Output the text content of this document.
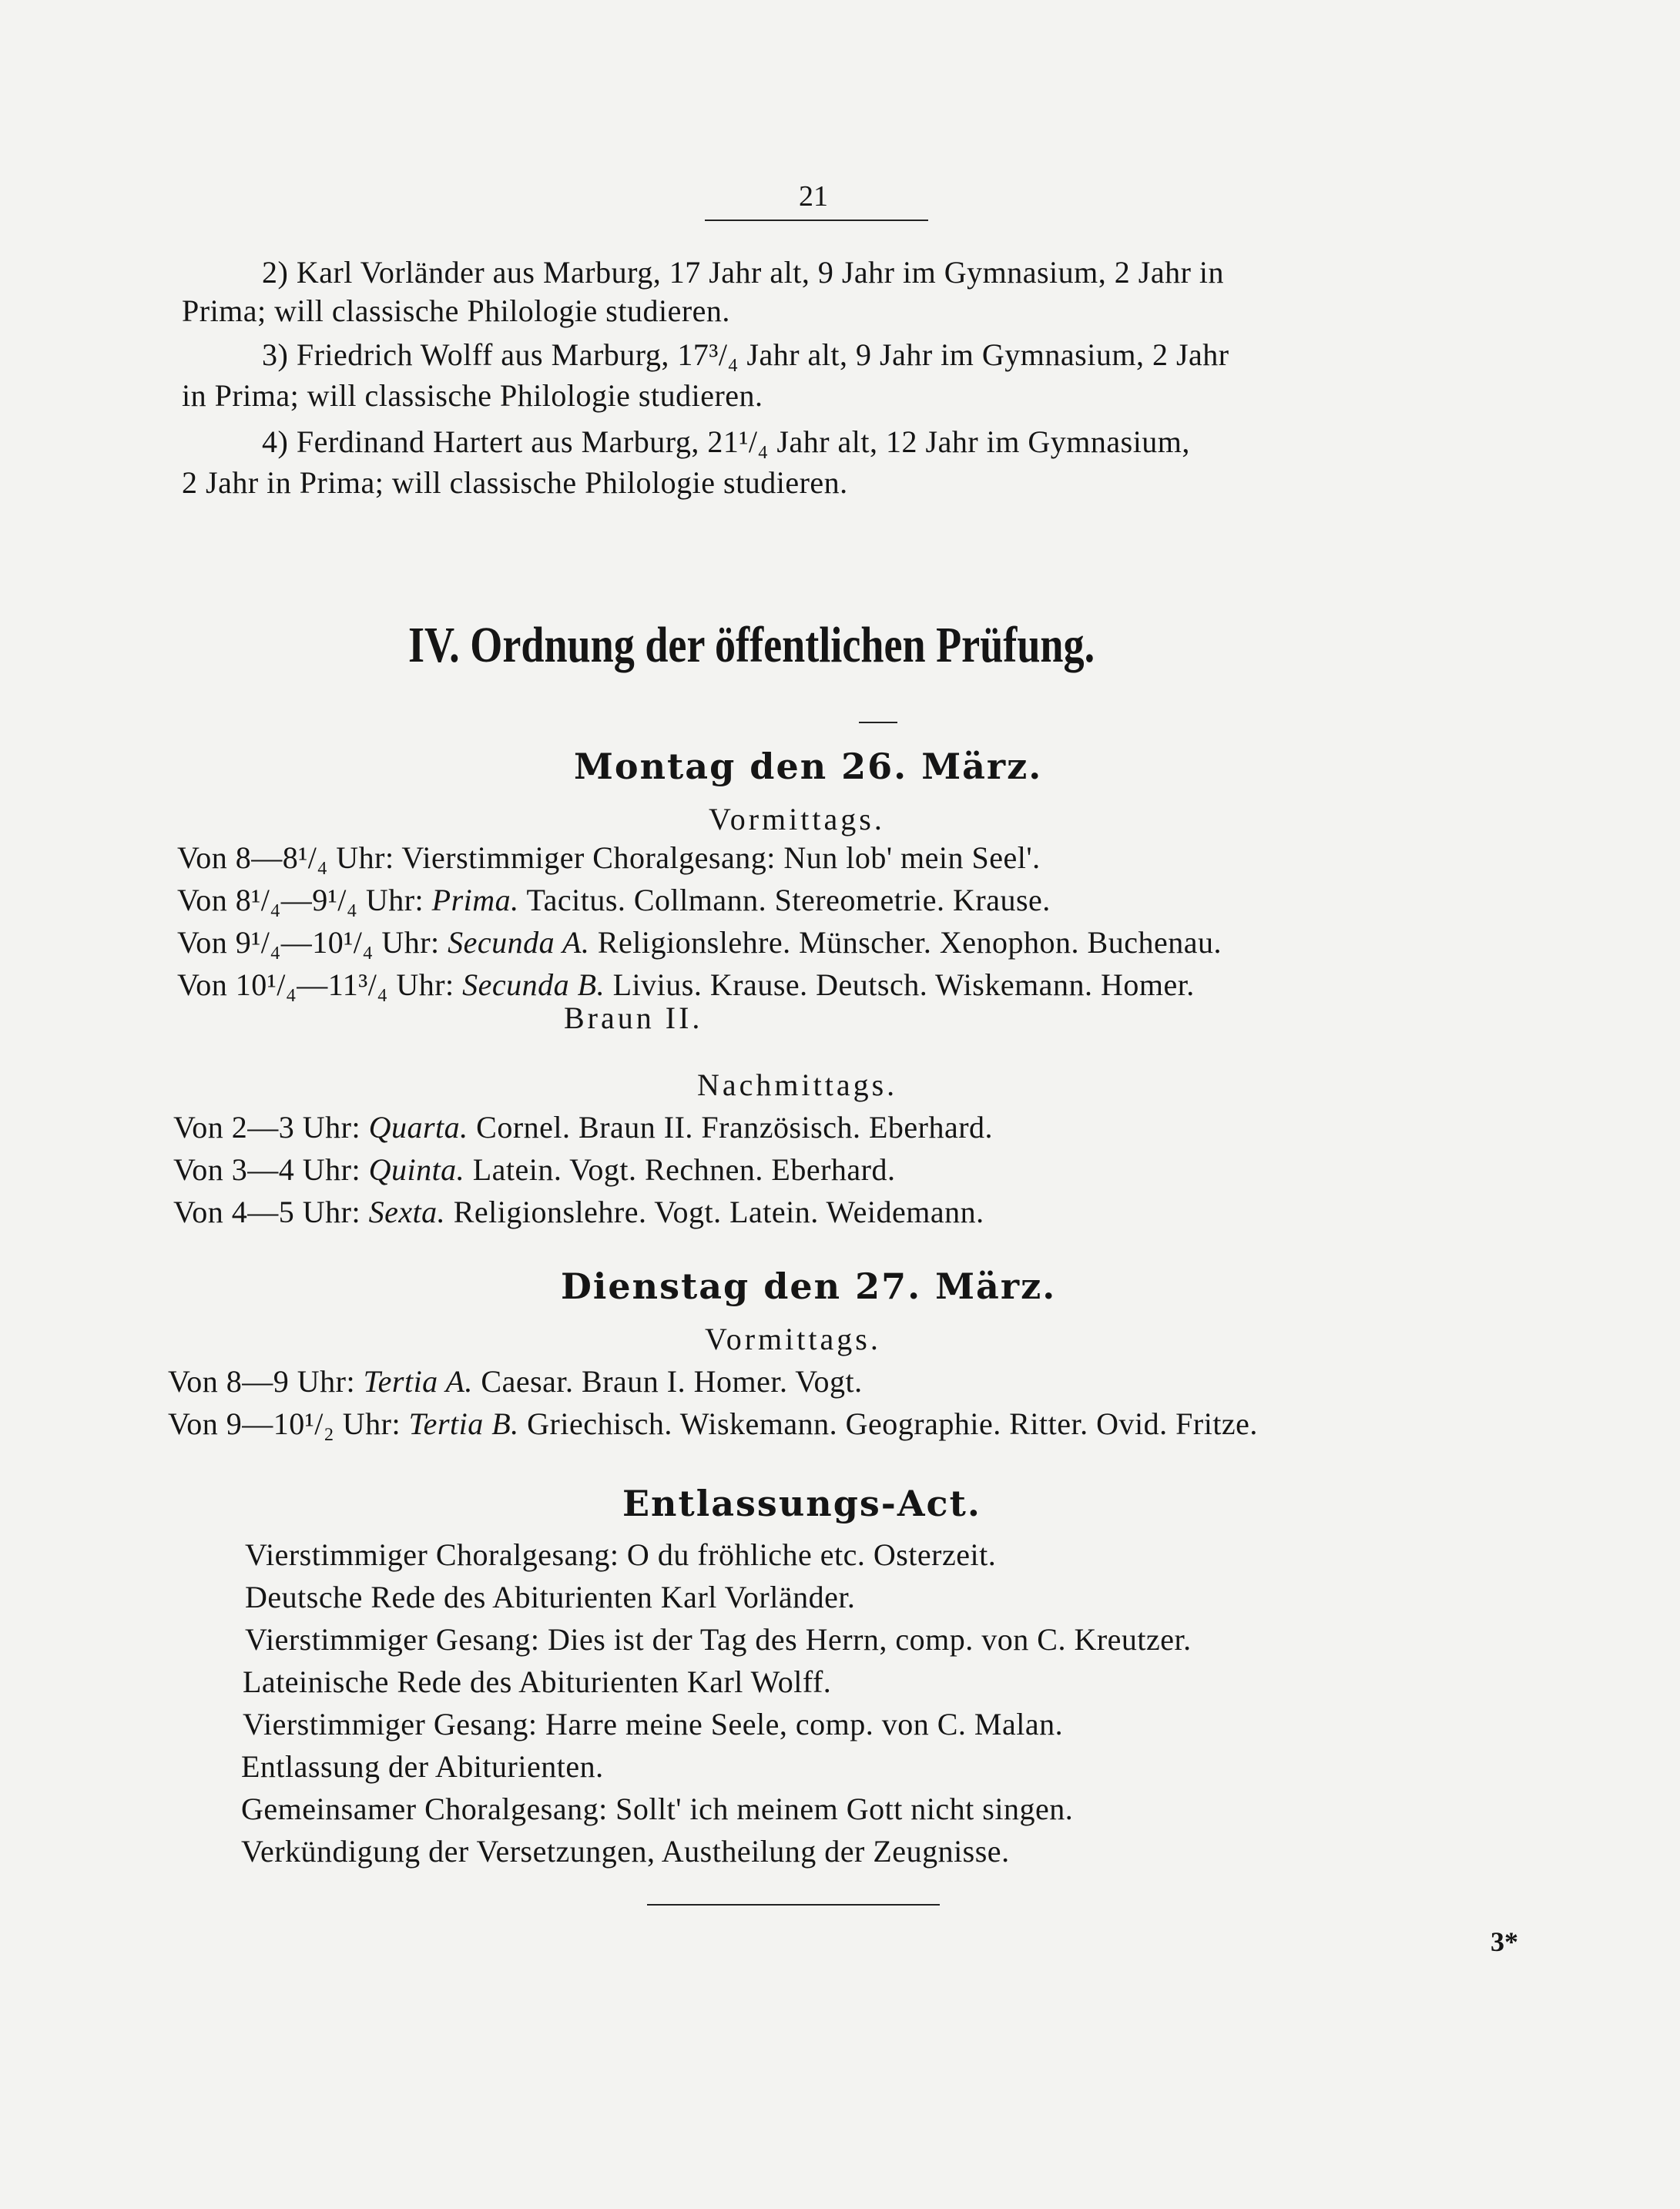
21
2) Karl Vorländer aus Marburg, 17 Jahr alt, 9 Jahr im Gymnasium, 2 Jahr in
Prima; will classische Philologie studieren.
3) Friedrich Wolff aus Marburg, 17³/₄ Jahr alt, 9 Jahr im Gymnasium, 2 Jahr
in Prima; will classische Philologie studieren.
4) Ferdinand Hartert aus Marburg, 21¹/₄ Jahr alt, 12 Jahr im Gymnasium,
2 Jahr in Prima; will classische Philologie studieren.
IV. Ordnung der öffentlichen Prüfung.
Montag den 26. März.
Vormittags.
Von 8—8¹/₄ Uhr: Vierstimmiger Choralgesang: Nun lob' mein Seel'.
Von 8¹/₄—9¹/₄ Uhr: Prima. Tacitus. Collmann. Stereometrie. Krause.
Von 9¹/₄—10¹/₄ Uhr: Secunda A. Religionslehre. Münscher. Xenophon. Buchenau.
Von 10¹/₄—11³/₄ Uhr: Secunda B. Livius. Krause. Deutsch. Wiskemann. Homer.
Braun II.
Nachmittags.
Von 2—3 Uhr: Quarta. Cornel. Braun II. Französisch. Eberhard.
Von 3—4 Uhr: Quinta. Latein. Vogt. Rechnen. Eberhard.
Von 4—5 Uhr: Sexta. Religionslehre. Vogt. Latein. Weidemann.
Dienstag den 27. März.
Vormittags.
Von 8—9 Uhr: Tertia A. Caesar. Braun I. Homer. Vogt.
Von 9—10¹/₂ Uhr: Tertia B. Griechisch. Wiskemann. Geographie. Ritter. Ovid. Fritze.
Entlassungs-Act.
Vierstimmiger Choralgesang: O du fröhliche etc. Osterzeit.
Deutsche Rede des Abiturienten Karl Vorländer.
Vierstimmiger Gesang: Dies ist der Tag des Herrn, comp. von C. Kreutzer.
Lateinische Rede des Abiturienten Karl Wolff.
Vierstimmiger Gesang: Harre meine Seele, comp. von C. Malan.
Entlassung der Abiturienten.
Gemeinsamer Choralgesang: Sollt' ich meinem Gott nicht singen.
Verkündigung der Versetzungen, Austheilung der Zeugnisse.
3*
